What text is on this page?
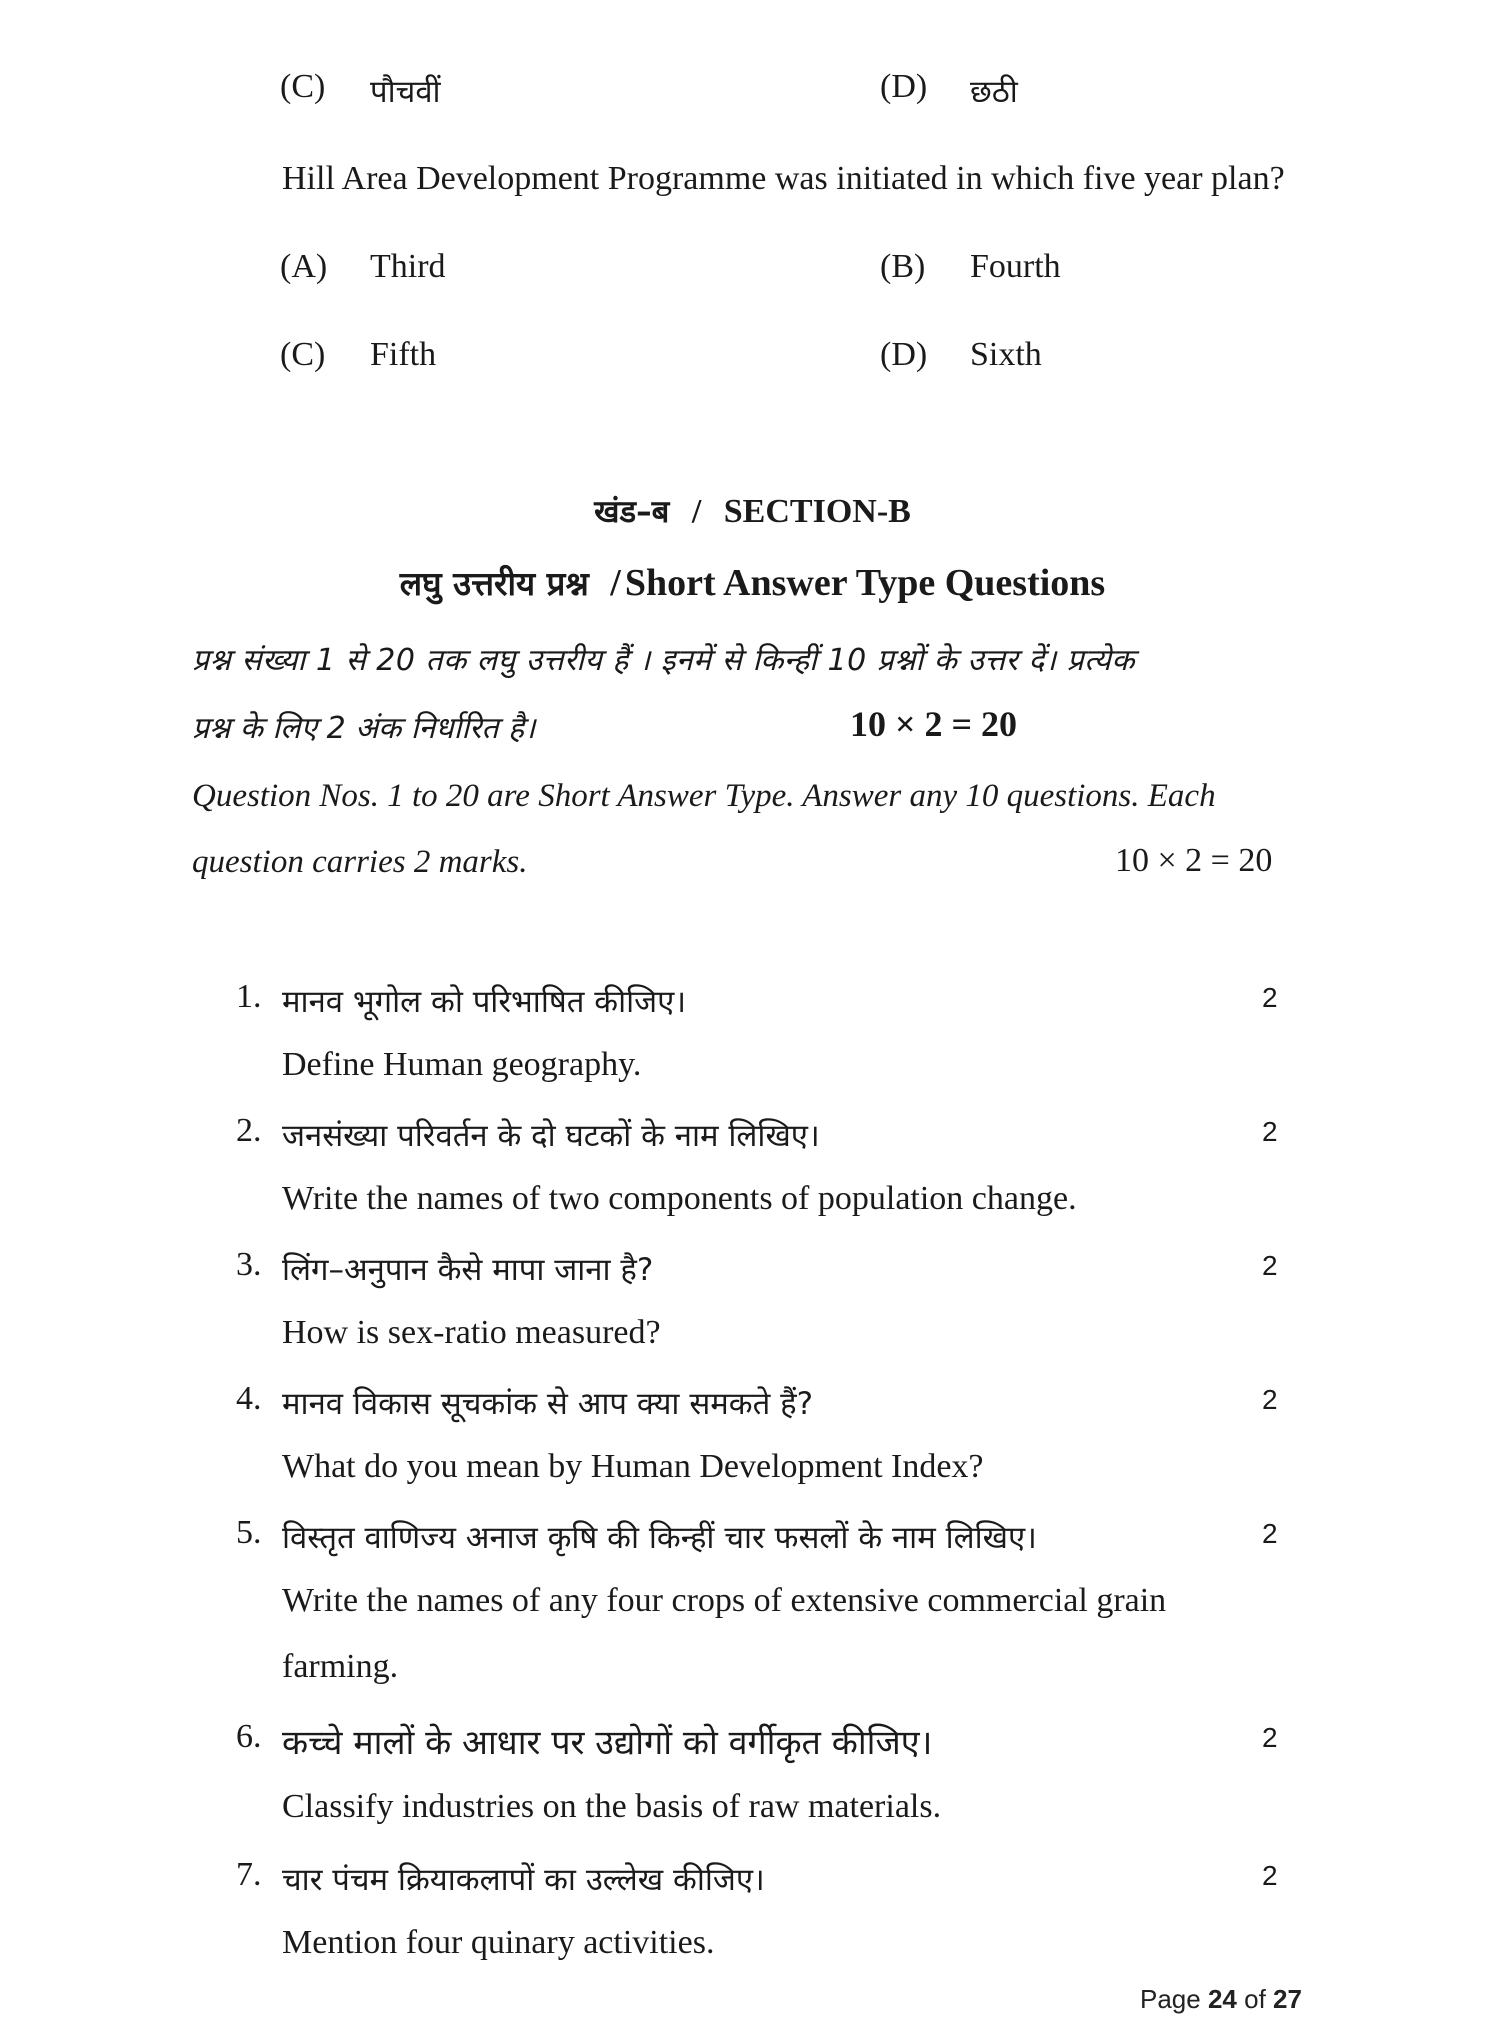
(C) पौचवीं	(D) छठी
Hill Area Development Programme was initiated in which five year plan?
(A) Third	(B) Fourth
(C) Fifth	(D) Sixth
खंड–ब / SECTION-B
लघु उत्तरीय प्रश्न / Short Answer Type Questions
प्रश्न संख्या 1 से 20 तक लघु उत्तरीय हैं । इनमें से किन्हीं 10 प्रश्नों के उत्तर दें। प्रत्येक
प्रश्न के लिए 2 अंक निर्धारित है।	10 × 2 = 20
Question Nos. 1 to 20 are Short Answer Type. Answer any 10 questions. Each
question carries 2 marks.	10 × 2 = 20
1. मानव भूगोल को परिभाषित कीजिए।	2
Define Human geography.
2. जनसंख्या परिवर्तन के दो घटकों के नाम लिखिए।	2
Write the names of two components of population change.
3. लिंग–अनुपान कैसे मापा जाना है?	2
How is sex-ratio measured?
4. मानव विकास सूचकांक से आप क्या समकते हैं?	2
What do you mean by Human Development Index?
5. विस्तृत वाणिज्य अनाज कृषि की किन्हीं चार फसलों के नाम लिखिए।	2
Write the names of any four crops of extensive commercial grain
farming.
6. कच्चे मालों के आधार पर उद्योगों को वर्गीकृत कीजिए।	2
Classify industries on the basis of raw materials.
7. चार पंचम क्रियाकलापों का उल्लेख कीजिए।	2
Mention four quinary activities.
Page 24 of 27
